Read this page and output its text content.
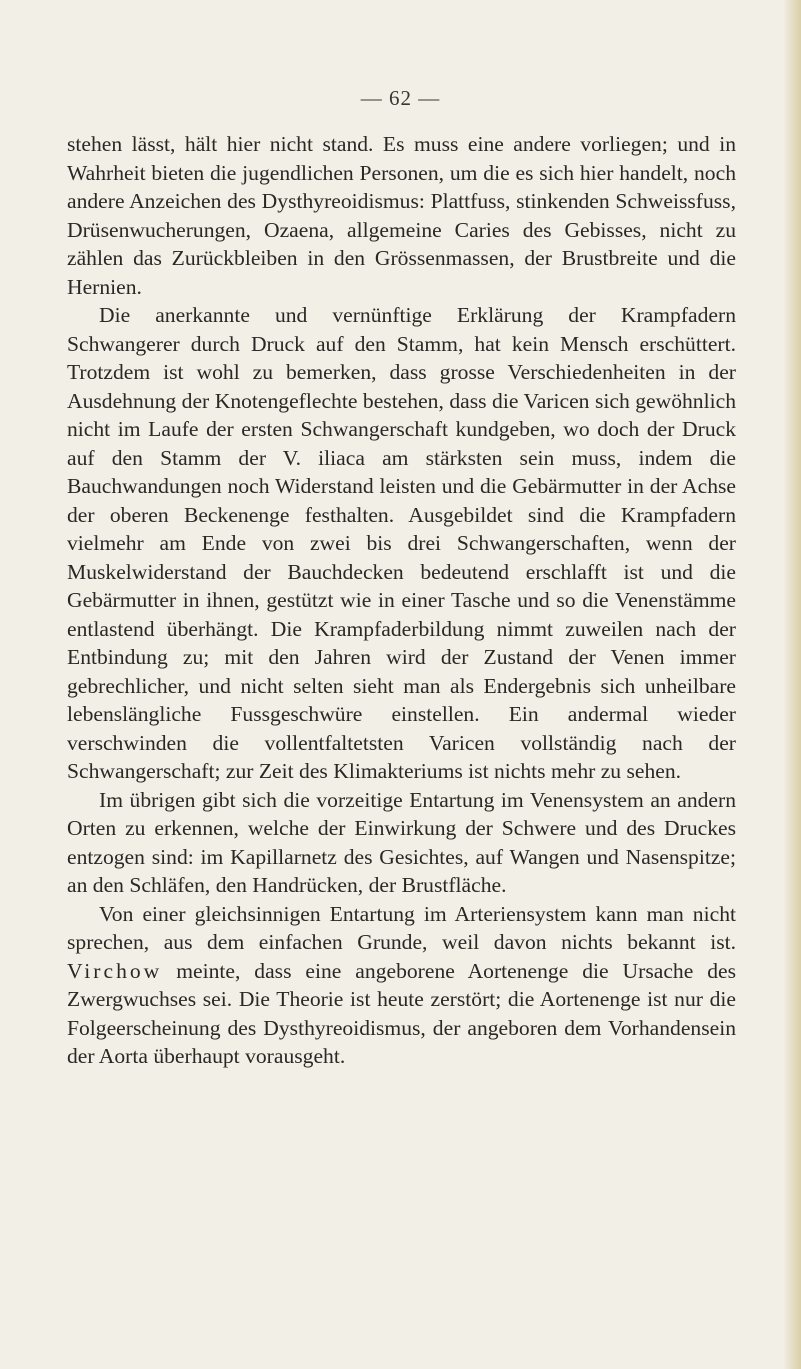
— 62 —

stehen lässt, hält hier nicht stand. Es muss eine andere vorliegen; und in Wahrheit bieten die jugendlichen Personen, um die es sich hier handelt, noch andere Anzeichen des Dysthyreoidismus: Plattfuss, stinkenden Schweissfuss, Drüsenwucherungen, Ozaena, allgemeine Caries des Gebisses, nicht zu zählen das Zurückbleiben in den Grössenmassen, der Brustbreite und die Hernien.

Die anerkannte und vernünftige Erklärung der Krampfadern Schwangerer durch Druck auf den Stamm, hat kein Mensch erschüttert. Trotzdem ist wohl zu bemerken, dass grosse Verschiedenheiten in der Ausdehnung der Knotengeflechte bestehen, dass die Varicen sich gewöhnlich nicht im Laufe der ersten Schwangerschaft kundgeben, wo doch der Druck auf den Stamm der V. iliaca am stärksten sein muss, indem die Bauchwandungen noch Widerstand leisten und die Gebärmutter in der Achse der oberen Beckenenge festhalten. Ausgebildet sind die Krampfadern vielmehr am Ende von zwei bis drei Schwangerschaften, wenn der Muskelwiderstand der Bauchdecken bedeutend erschlafft ist und die Gebärmutter in ihnen, gestützt wie in einer Tasche und so die Venenstämme entlastend überhängt. Die Krampfaderbildung nimmt zuweilen nach der Entbindung zu; mit den Jahren wird der Zustand der Venen immer gebrechlicher, und nicht selten sieht man als Endergebnis sich unheilbare lebenslängliche Fussgeschwüre einstellen. Ein andermal wieder verschwinden die vollentfaltetsten Varicen vollständig nach der Schwangerschaft; zur Zeit des Klimakteriums ist nichts mehr zu sehen.

Im übrigen gibt sich die vorzeitige Entartung im Venensystem an andern Orten zu erkennen, welche der Einwirkung der Schwere und des Druckes entzogen sind: im Kapillarnetz des Gesichtes, auf Wangen und Nasenspitze; an den Schläfen, den Handrücken, der Brustfläche.

Von einer gleichsinnigen Entartung im Arteriensystem kann man nicht sprechen, aus dem einfachen Grunde, weil davon nichts bekannt ist. Virchow meinte, dass eine angeborene Aortenenge die Ursache des Zwergwuchses sei. Die Theorie ist heute zerstört; die Aortenenge ist nur die Folgeerscheinung des Dysthyreoidismus, der angeboren dem Vorhandensein der Aorta überhaupt vorausgeht.
